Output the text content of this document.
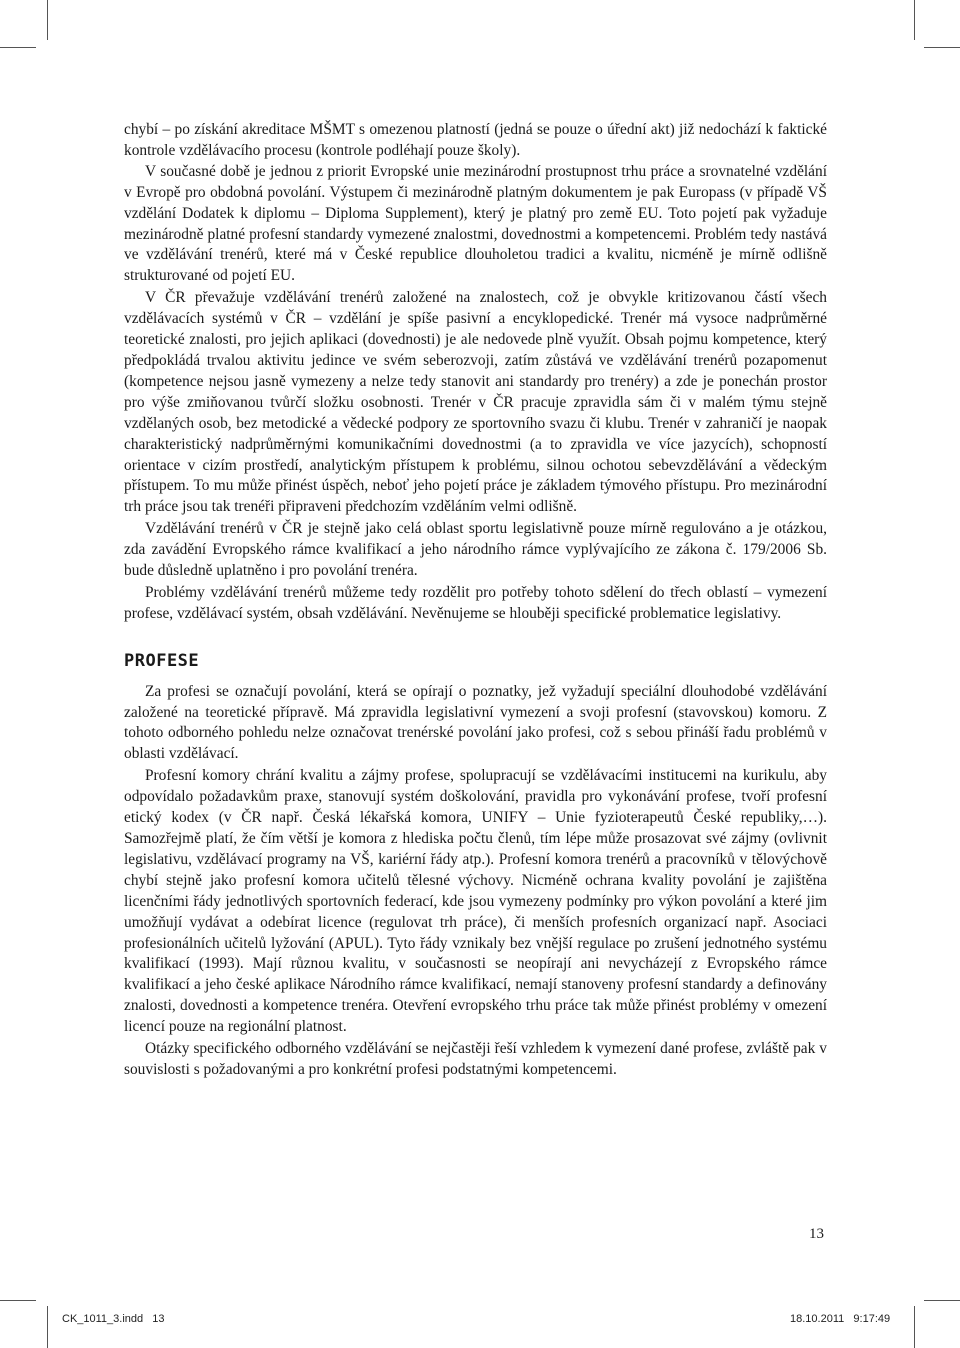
chybí – po získání akreditace MŠMT s omezenou platností (jedná se pouze o úřední akt) již nedochází k faktické kontrole vzdělávacího procesu (kontrole podléhají pouze školy).

V současné době je jednou z priorit Evropské unie mezinárodní prostupnost trhu práce a srovnatelné vzdělání v Evropě pro obdobná povolání. Výstupem či mezinárodně platným dokumentem je pak Europass (v případě VŠ vzdělání Dodatek k diplomu – Diploma Supplement), který je platný pro země EU. Toto pojetí pak vyžaduje mezinárodně platné profesní standardy vymezené znalostmi, dovednostmi a kompetencemi. Problém tedy nastává ve vzdělávání trenérů, které má v České republice dlouholetou tradici a kvalitu, nicméně je mírně odlišně strukturované od pojetí EU.

V ČR převažuje vzdělávání trenérů založené na znalostech, což je obvykle kritizovanou částí všech vzdělávacích systémů v ČR – vzdělání je spíše pasivní a encyklopedické. Trenér má vysoce nadprůměrné teoretické znalosti, pro jejich aplikaci (dovednosti) je ale nedovede plně využít. Obsah pojmu kompetence, který předpokládá trvalou aktivitu jedince ve svém seberozvoji, zatím zůstává ve vzdělávání trenérů pozapomenut (kompetence nejsou jasně vymezeny a nelze tedy stanovit ani standardy pro trenéry) a zde je ponechán prostor pro výše zmiňovanou tvůrčí složku osobnosti. Trenér v ČR pracuje zpravidla sám či v malém týmu stejně vzdělaných osob, bez metodické a vědecké podpory ze sportovního svazu či klubu. Trenér v zahraničí je naopak charakteristický nadprůměrnými komunikačními dovednostmi (a to zpravidla ve více jazycích), schopností orientace v cizím prostředí, analytickým přístupem k problému, silnou ochotou sebevzdělávání a vědeckým přístupem. To mu může přinést úspěch, neboť jeho pojetí práce je základem týmového přístupu. Pro mezinárodní trh práce jsou tak trenéři připraveni předchozím vzděláním velmi odlišně.

Vzdělávání trenérů v ČR je stejně jako celá oblast sportu legislativně pouze mírně regulováno a je otázkou, zda zavádění Evropského rámce kvalifikací a jeho národního rámce vyplývajícího ze zákona č. 179/2006 Sb. bude důsledně uplatněno i pro povolání trenéra.

Problémy vzdělávání trenérů můžeme tedy rozdělit pro potřeby tohoto sdělení do třech oblastí – vymezení profese, vzdělávací systém, obsah vzdělávání. Nevěnujeme se hlouběji specifické problematice legislativy.

PROFESE

Za profesi se označují povolání, která se opírají o poznatky, jež vyžadují speciální dlouhodobé vzdělávání založené na teoretické přípravě. Má zpravidla legislativní vymezení a svoji profesní (stavovskou) komoru. Z tohoto odborného pohledu nelze označovat trenérské povolání jako profesi, což s sebou přináší řadu problémů v oblasti vzdělávací.

Profesní komory chrání kvalitu a zájmy profese, spolupracují se vzdělávacími institucemi na kurikulu, aby odpovídalo požadavkům praxe, stanovují systém doškolování, pravidla pro vykonávání profese, tvoří profesní etický kodex (v ČR např. Česká lékařská komora, UNIFY – Unie fyzioterapeutů České republiky,…). Samozřejmě platí, že čím větší je komora z hlediska počtu členů, tím lépe může prosazovat své zájmy (ovlivnit legislativu, vzdělávací programy na VŠ, kariérní řády atp.). Profesní komora trenérů a pracovníků v tělovýchově chybí stejně jako profesní komora učitelů tělesné výchovy. Nicméně ochrana kvality povolání je zajištěna licenčními řády jednotlivých sportovních federací, kde jsou vymezeny podmínky pro výkon povolání a které jim umožňují vydávat a odebírat licence (regulovat trh práce), či menších profesních organizací např. Asociaci profesionálních učitelů lyžování (APUL). Tyto řády vznikaly bez vnější regulace po zrušení jednotného systému kvalifikací (1993). Mají různou kvalitu, v současnosti se neopírají ani nevycházejí z Evropského rámce kvalifikací a jeho české aplikace Národního rámce kvalifikací, nemají stanoveny profesní standardy a definovány znalosti, dovednosti a kompetence trenéra. Otevření evropského trhu práce tak může přinést problémy v omezení licencí pouze na regionální platnost.

Otázky specifického odborného vzdělávání se nejčastěji řeší vzhledem k vymezení dané profese, zvláště pak v souvislosti s požadovanými a pro konkrétní profesi podstatnými kompetencemi.

13
CK_1011_3.indd   13	18.10.2011   9:17:49
